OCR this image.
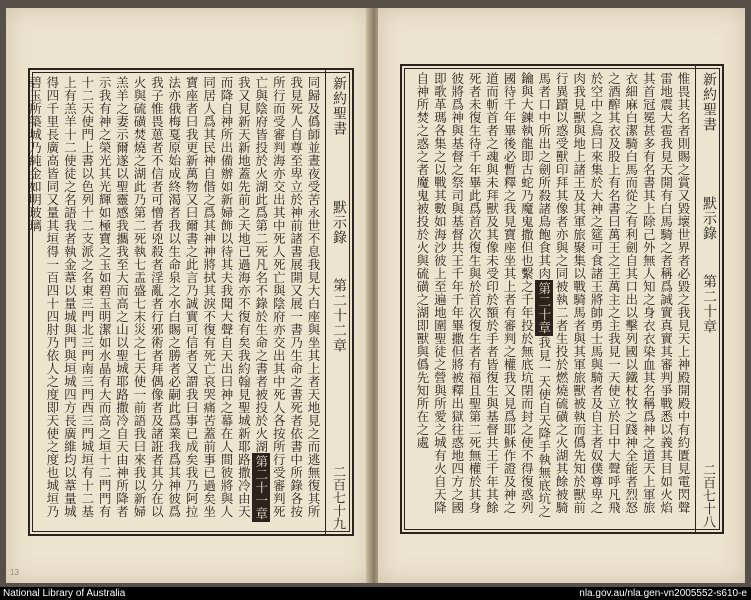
新約聖書
默示錄
第二十二章
二百七十九
同歸及僞師並晝夜受苦永世不息我見大白座與坐其上者天地見之而逃無復其所我見死人自尊至卑立於神前諸書展開又展一書乃生命之書死者依書中所錄各按所行而受審判海亦交出其中死人死亡與陰府亦交出其中死人各按所行受審判死亡與陰府皆投於火湖此爲第二死凡名不錄於生命之書者被投於火湖第二十一章我又見新天新地蓋先前之天地已過海亦不復有矣我約翰見聖城新耶路撒冷由天而降自神所出備辦如新婦飾以待其夫我聞大聲自天出曰神之幕在人間彼將與人同居人爲其民神自偕之爲其神神將拭其淚不復有死亡哀哭痛苦蓋前事已過矣坐寶座者曰我更新萬物又曰爾書之此言乃誠實可信者又謂我曰事已成矣我乃阿拉法亦俄梅戛原始成終渴者我以生命泉之水白賜之勝者必嗣此爲業我爲其神彼爲我子惟畏葸者不信者可憎者兇殺者淫亂者行邪術者拜偶像者及諸誑者其分在以火與硫磺焚燒之湖此乃第二死執七盂盛七末災之七天使一前語我曰來我以新婦羔羊之妻示爾遂以聖靈感我攜我至大而高之山以聖城耶路撒冷自天由神所降者示我有神之榮光其光輝如極寶之玉如碧玉明潔如水晶有大而高之垣十二門門有十二天使門上書以色列十二支派之名東三門北三門南三門西三門城垣有十二基上有羔羊十二使徒之名語我者執金葦以量城與門與垣城四方長廣維均以葦量城得四千里長廣高皆同又量其垣得一百四十四肘乃依人之度即天使之度也城垣乃碧玉所築城乃純金如明玻璃
13
新約聖書
默示錄
第二十章
二百七十八
惟畏其名者則賜之賞又毀壞世界者必毀之我見天上神殿開殿中有約匱見電閃聲雷地震大雹我見天開有白馬騎之者稱爲誠實真實其審判爭戰悉以義其目如火焰其首冠冕甚多有名書其上除己外無人知之身衣衣染血其名稱爲神之道天上軍旅衣細麻白潔騎白馬而從之有利劍自其口出以擊列國以鐵杖牧之踐神全能者烈怒之酒醡其衣及股上有名書曰萬王之王萬主之主我見一天使立於日中大聲呼凡飛於空中之鳥曰來集於大神之筵可食諸王將帥勇士馬與騎者及自主者奴僕尊卑之肉我見獸與地上諸王及其軍旅聚集以戰騎馬者與其軍旅獸被執而僞先知於獸前行異蹟以惑受獸印拜其像者亦與之同被執二者生投於燃燒硫磺之火湖其餘被騎馬者口中所出之劍所殺諸鳥飽食其肉第二十章我見一天使自天降手執無底坑之鑰與大鍊執龍即古蛇乃魔鬼撒但也繫之千年投於無底坑閉而封之使不得復惑列國待千年畢後必暫釋之我見寶座坐其上者有審判之權我又見爲耶穌作證及神之道而斬首者之魂與未拜獸及其像未受印於額於手者皆復生與基督共王千年其餘死者未復生待千年畢此爲首次復生與於首次復生者有福且聖第二死無權於其身彼將爲神與基督之祭司與基督共王千年千年畢撒但將被釋出獄往惑地四方之國即歌革瑪各集之以戰其數如海沙彼上至遍地圍聖徒之營與所愛之城有火自天降自神所焚之惑之者魔鬼被投於火與硫磺之湖即獸與僞先知所在之處
National Library of Australia	nla.gov.au/nla.gen-vn2005552-s610-e
